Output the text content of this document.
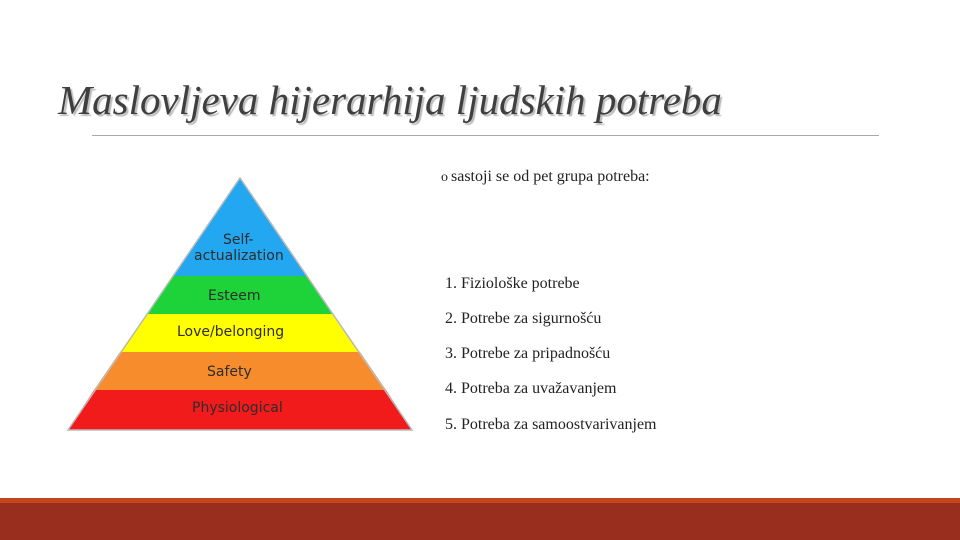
Maslovljeva hijerarhija ljudskih potreba
Self-
actualization
Esteem
Love/belonging
Safety
Physiological
o sastoji se od pet grupa potreba:
1. Fiziološke potrebe
2. Potrebe za sigurnošću
3. Potrebe za pripadnošću
4. Potreba za uvažavanjem
5. Potreba za samoostvarivanjem
